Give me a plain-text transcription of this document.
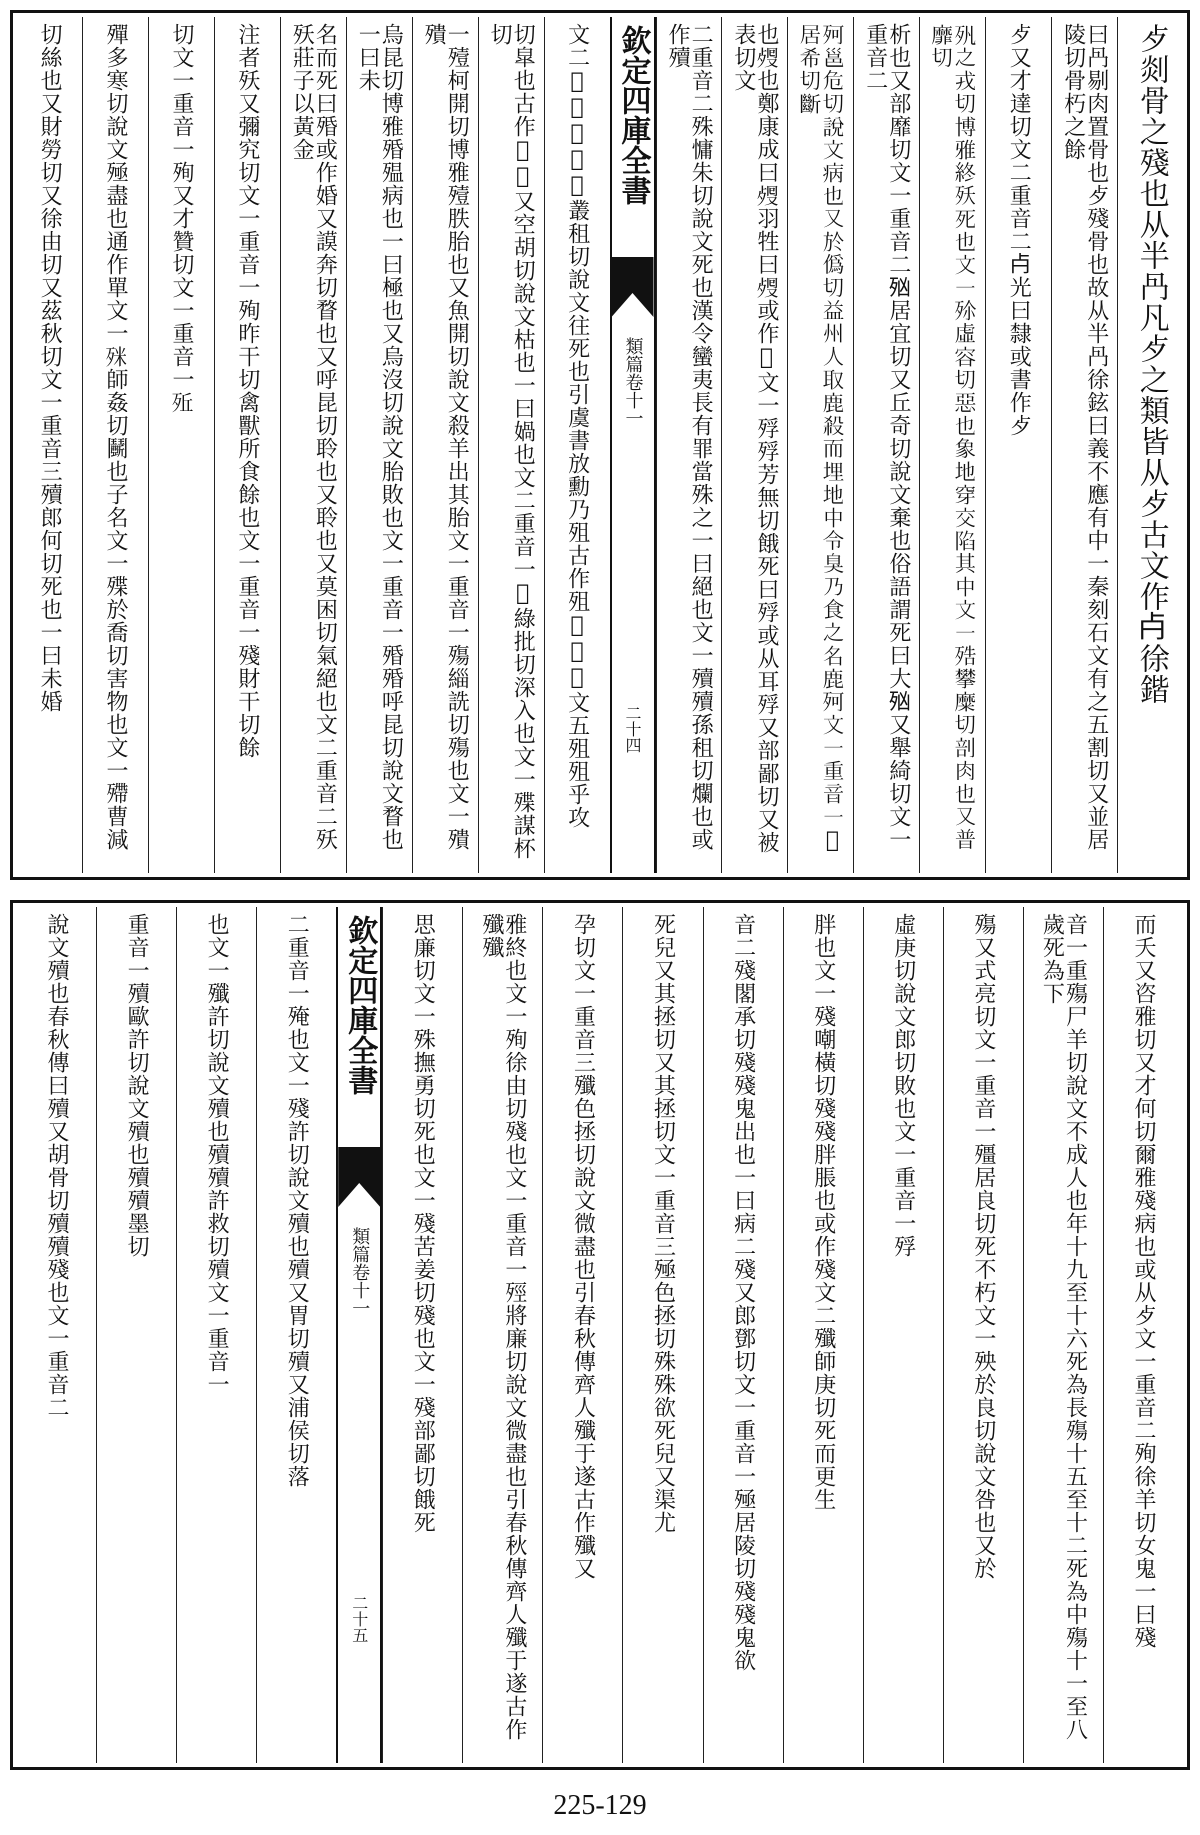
歺剡骨之殘也从半冎凡歺之類皆从歺古文作𣦵徐鍇
曰冎剔肉置骨也歺殘骨也故从半冎徐鉉曰義不應有中一秦刻石文有之五割切又並居陵切骨朽之餘
歺又才達切文二重音二𣦵光曰隸或書作歺
𣧇之戎切博雅終殀死也文一𣧠虛容切惡也象地穿交陷其中文一𣨓攀糜切剖肉也又普靡切
析也又部靡切文一重音二𣧑居宜切又丘奇切說文棄也俗語謂死曰大𣧑又舉綺切文一重音二
𣧤邕危切說文病也又於偽切益州人取鹿殺而埋地中令臭乃食之名鹿𣧤文一重音一𣨒居希切斷
也𣨏也鄭康成曰𣨏羽牲曰𣨏或作𣨒文一殍殍芳無切餓死曰殍或从耳殍又部鄙切又被表切文
二重音二殊慵朱切說文死也漢令蠻夷長有罪當殊之一曰絕也文一殰殰孫租切爛也或作殰
欽定四庫全書
類篇卷十一
二十四
文二𣧰𣧰𣧰𣧰𣧰叢租切說文往死也引虞書放勳乃殂古作殂𣧰𣧰𣧰文五殂殂乎攻
切皐也古作𣧰𣧰又空胡切說文枯也一曰媧也文二重音一𣨶綠批切深入也文一殜謀杯切
一殪柯開切博雅殪胅胎也又魚開切說文殺羊出其胎文一重音一殤緇詵切殤也文一殨殨
烏昆切博雅殙殟病也一曰極也又烏沒切說文胎敗也文一重音一殙殙呼昆切說文瞀也一曰未
名而死曰殙或作婚又謨奔切瞀也又呼昆切聆也又聆也又莫困切氣絕也文二重音二殀殀莊子以黃金
注者殀又彌究切文一重音一殉昨干切禽獸所食餘也文一重音一殘財干切餘
切文一重音一殉又才贊切文一重音一𣧭
殫多寒切說文殛盡也通作單文一𣧲師姦切鬭也子名文一殜於喬切害物也文一殢曹減
切絲也又財勞切又徐由切又茲秋切文一重音三殰郎何切死也一曰未婚
而夭又咨雅切又才何切爾雅殘病也或从歺文一重音二殉徐羊切女鬼一曰殘
音一重殤尸羊切說文不成人也年十九至十六死為長殤十五至十二死為中殤十一至八歲死為下
殤又式亮切文一重音一殭居良切死不朽文一殃於良切說文咎也又於
虛庚切說文郎切敗也文一重音一殍
胖也文一殘嘲橫切殘殘胖脹也或作殘文二殲師庚切死而更生
音二殘閣承切殘殘鬼出也一曰病二殘又郎鄧切文一重音一殛居陵切殘殘鬼欲
死兒又其拯切又其拯切文一重音三殛色拯切殊殊欲死兒又渠尤
孕切文一重音三殲色拯切說文微盡也引春秋傳齊人殲于遂古作殲又
雅終也文一殉徐由切殘也文一重音一殌將廉切說文微盡也引春秋傳齊人殲于遂古作殲殲
思廉切文一殊撫勇切死也文一殘苦姜切殘也文一殘部鄙切餓死
欽定四庫全書
類篇卷十一
二十五
二重音一殗也文一殘許切說文殰也殰又胃切殰又浦侯切落
也文一殲許切說文殰也殰殰許救切殰文一重音一
重音一殰歐許切說文殰也殰殰墨切
說文殰也春秋傳曰殰又胡骨切殰殰殘也文一重音二
225-129
